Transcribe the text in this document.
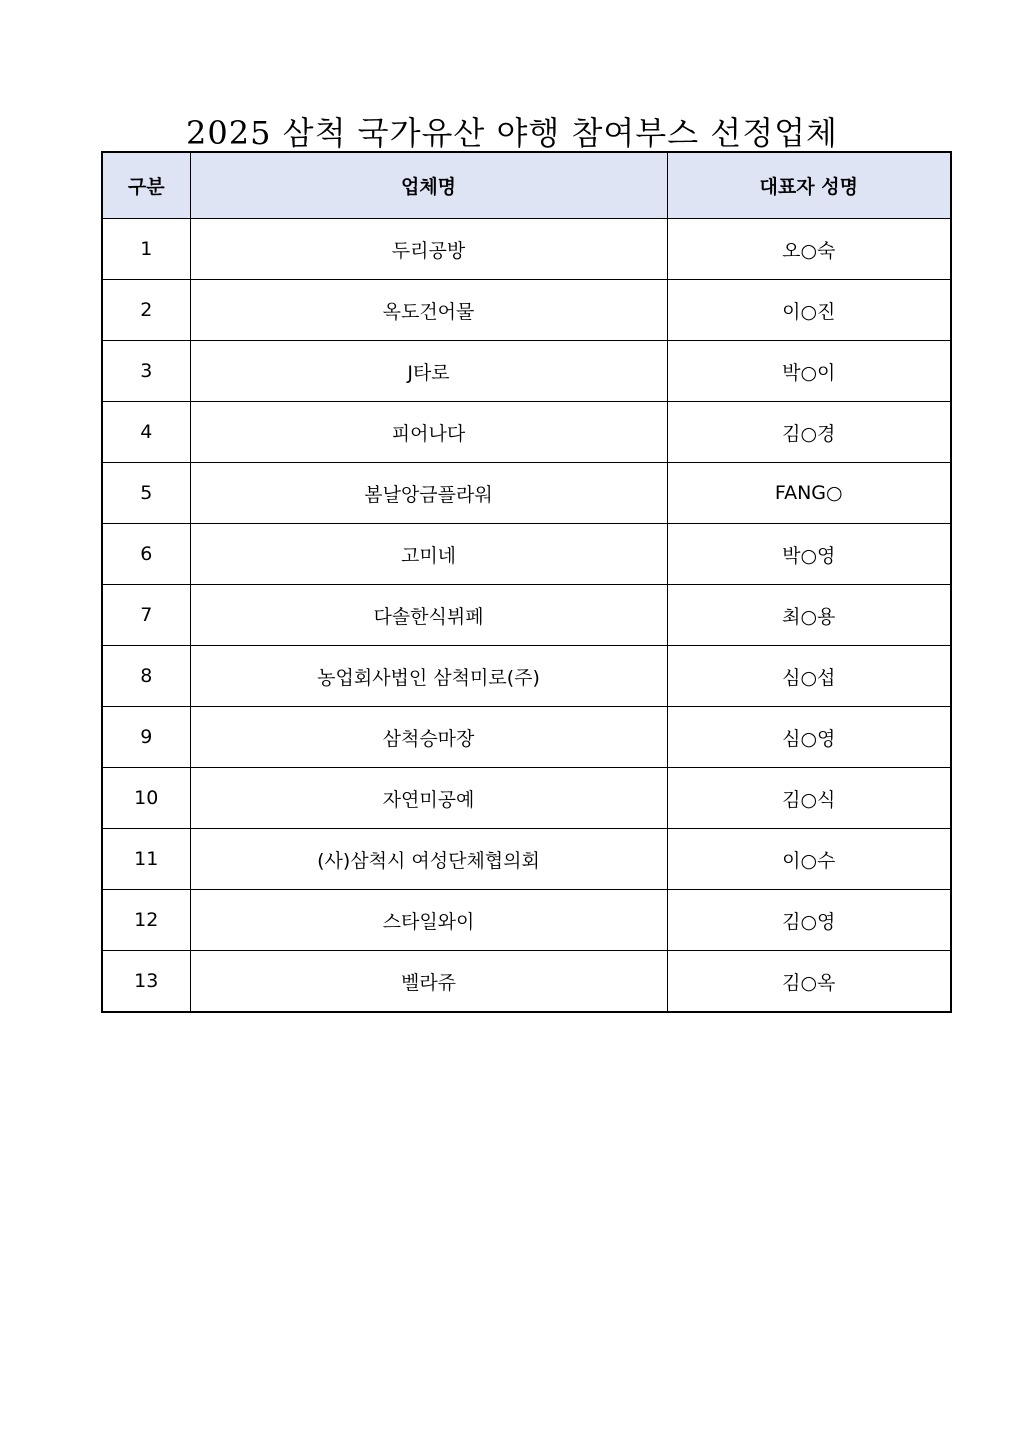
2025 삼척 국가유산 야행 참여부스 선정업체
구분	업체명	대표자 성명
1	두리공방	오○숙
2	옥도건어물	이○진
3	J타로	박○이
4	피어나다	김○경
5	봄날앙금플라워	FANG○
6	고미네	박○영
7	다솔한식뷔페	최○용
8	농업회사법인 삼척미로(주)	심○섭
9	삼척승마장	심○영
10	자연미공예	김○식
11	(사)삼척시 여성단체협의회	이○수
12	스타일와이	김○영
13	벨라쥬	김○옥
